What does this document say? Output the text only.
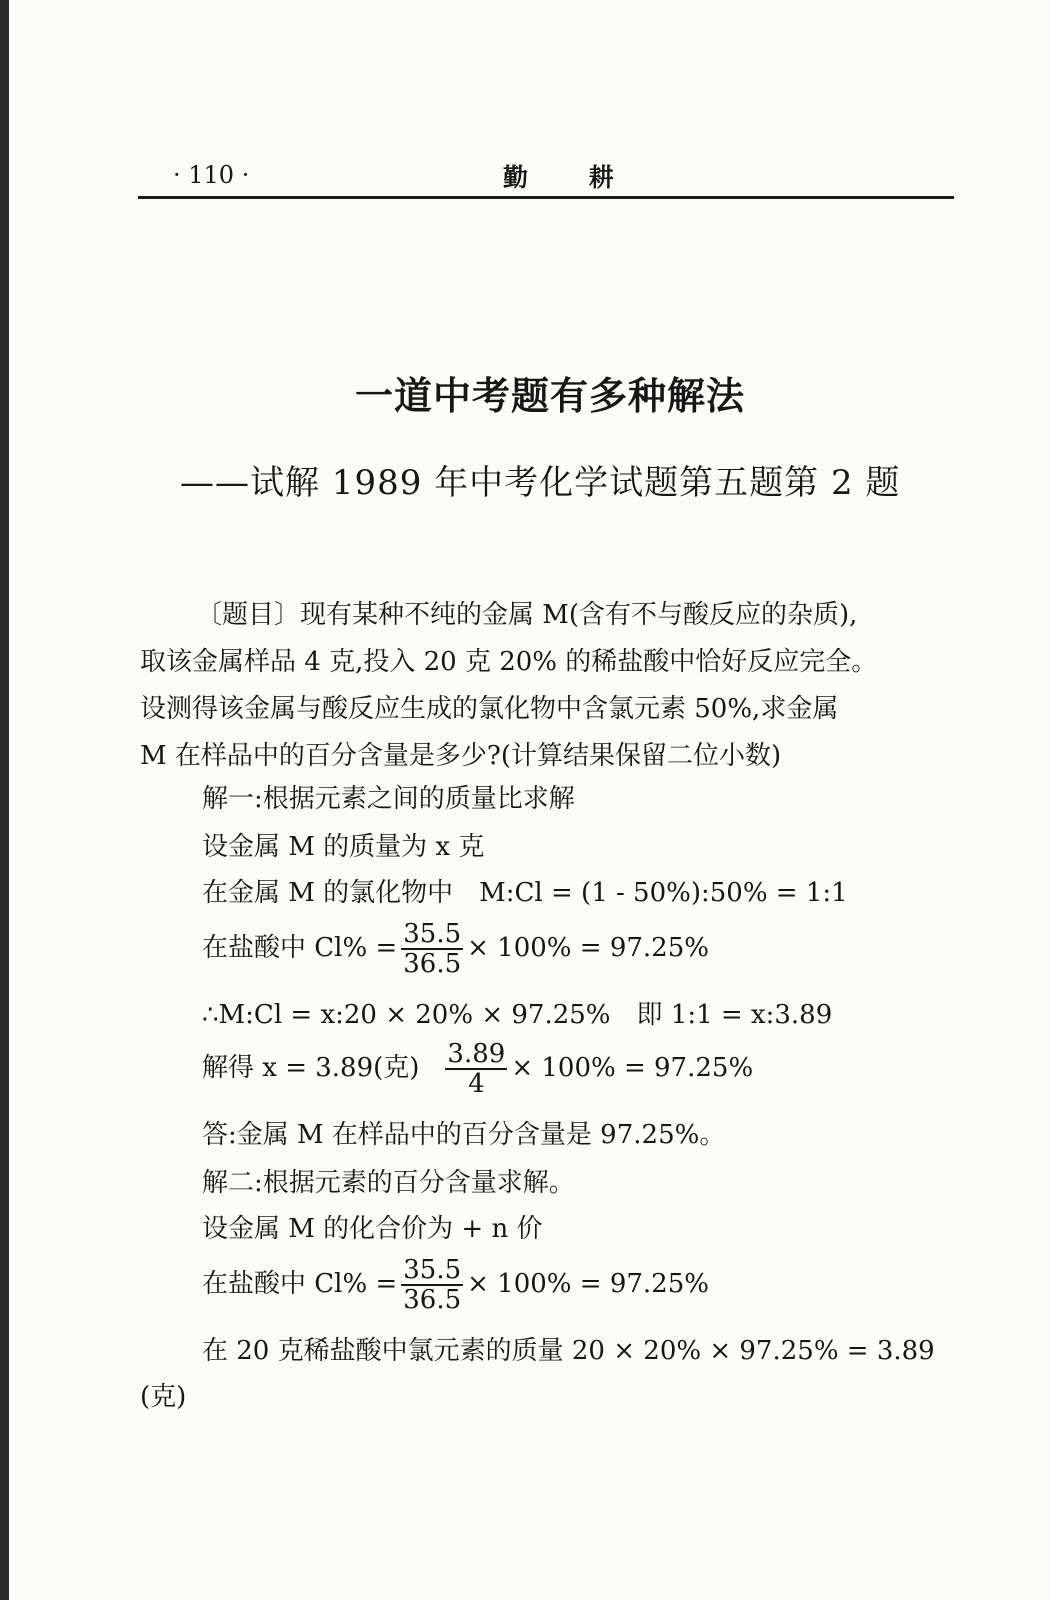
· 110 ·	勤 耕
一道中考题有多种解法
——试解 1989 年中考化学试题第五题第 2 题

〔题目〕现有某种不纯的金属 M(含有不与酸反应的杂质),

取该金属样品 4 克,投入 20 克 20% 的稀盐酸中恰好反应完全。

设测得该金属与酸反应生成的氯化物中含氯元素 50%,求金属

M 在样品中的百分含量是多少?(计算结果保留二位小数)

解一:根据元素之间的质量比求解
设金属 M 的质量为 x 克
在金属 M 的氯化物中　M:Cl = (1 - 50%):50% = 1:1
在盐酸中 $Cl\% = \frac{35.5}{36.5} \times 100\% = 97.25\%$
∴M:Cl = x:20 × 20% × 97.25%　即 1:1 = x:3.89
解得 x = 3.89(克) $\frac{3.89}{4} \times 100\% = 97.25\%$
答:金属 M 在样品中的百分含量是 97.25%。
解二:根据元素的百分含量求解。
设金属 M 的化合价为 + n 价
在盐酸中 $Cl\% = \frac{35.5}{36.5} \times 100\% = 97.25\%$
在 20 克稀盐酸中氯元素的质量 20 × 20% × 97.25% = 3.89
(克)
